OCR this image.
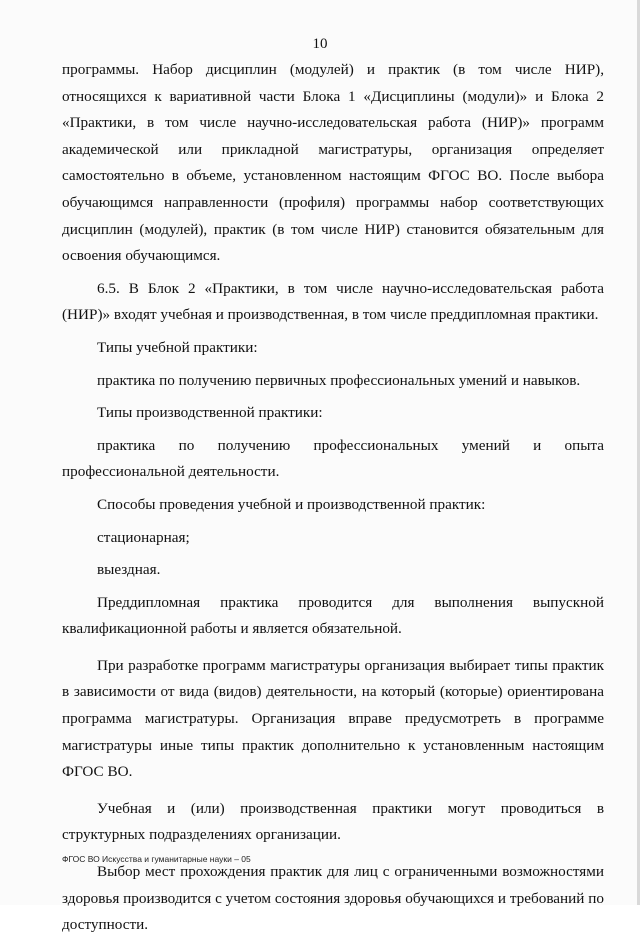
10

программы. Набор дисциплин (модулей) и практик (в том числе НИР), относящихся к вариативной части Блока 1 «Дисциплины (модули)» и Блока 2 «Практики, в том числе научно-исследовательская работа (НИР)» программ академической или прикладной магистратуры, организация определяет самостоятельно в объеме, установленном настоящим ФГОС ВО. После выбора обучающимся направленности (профиля) программы набор соответствующих дисциплин (модулей), практик (в том числе НИР) становится обязательным для освоения обучающимся.

6.5. В Блок 2 «Практики, в том числе научно-исследовательская работа (НИР)» входят учебная и производственная, в том числе преддипломная практики.

Типы учебной практики:

практика по получению первичных профессиональных умений и навыков.

Типы производственной практики:

практика по получению профессиональных умений и опыта профессиональной деятельности.

Способы проведения учебной и производственной практик:

стационарная;

выездная.

Преддипломная практика проводится для выполнения выпускной квалификационной работы и является обязательной.

При разработке программ магистратуры организация выбирает типы практик в зависимости от вида (видов) деятельности, на который (которые) ориентирована программа магистратуры. Организация вправе предусмотреть в программе магистратуры иные типы практик дополнительно к установленным настоящим ФГОС ВО.

Учебная и (или) производственная практики могут проводиться в структурных подразделениях организации.

Выбор мест прохождения практик для лиц с ограниченными возможностями здоровья производится с учетом состояния здоровья обучающихся и требований по доступности.

ФГОС ВО Искусства и гуманитарные науки – 05
